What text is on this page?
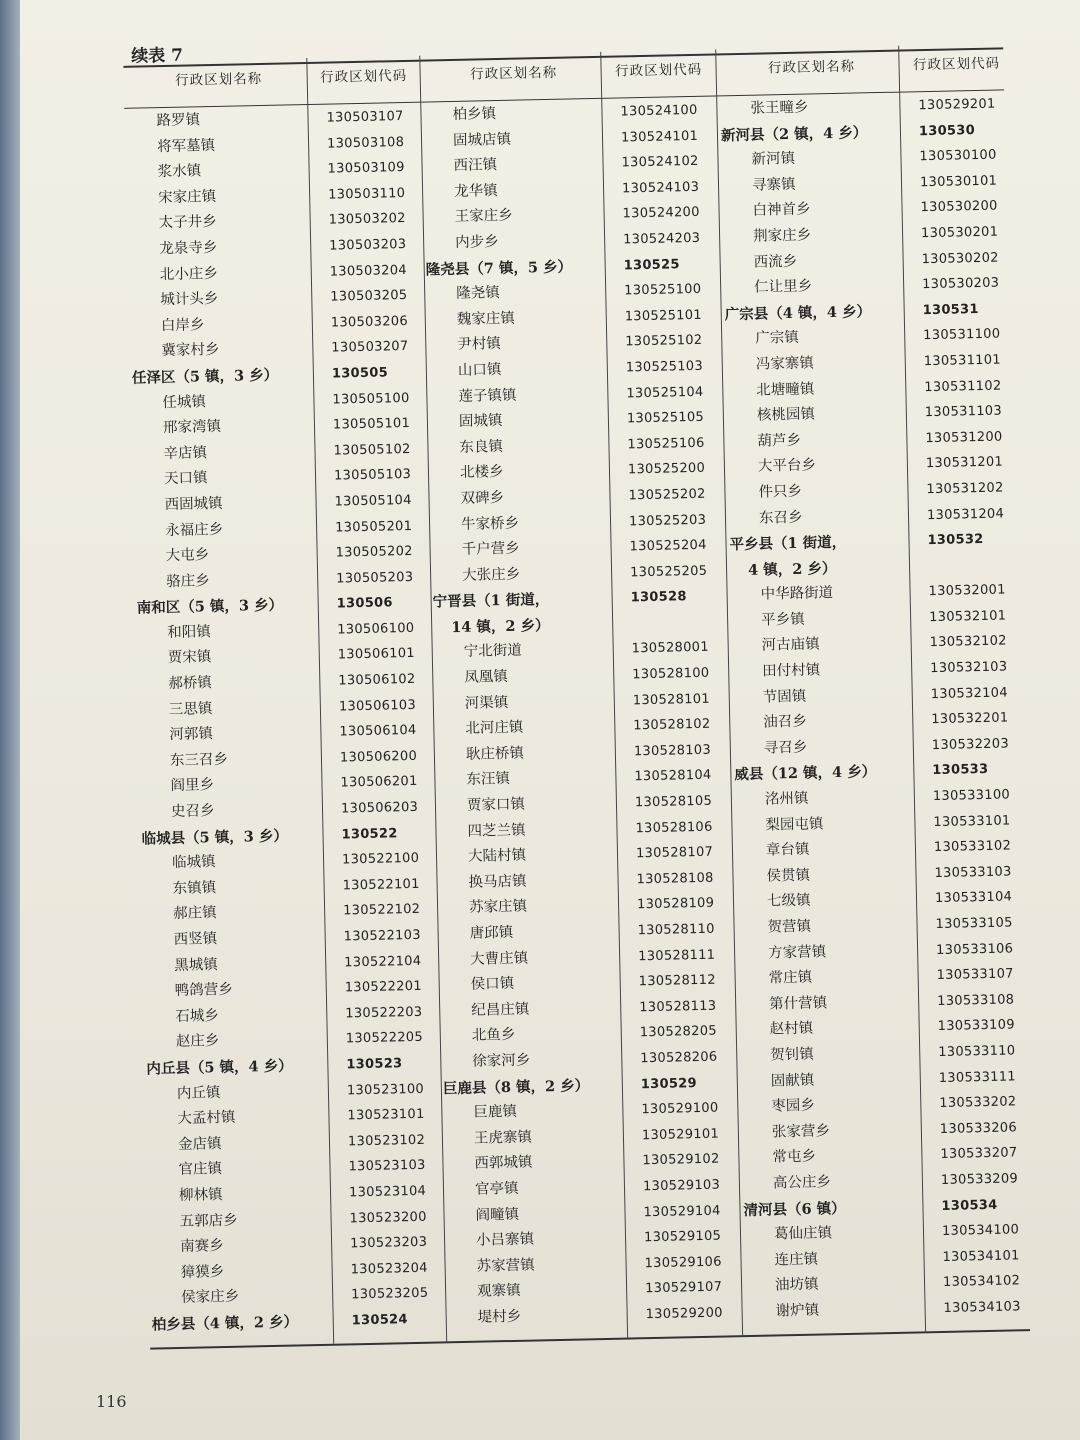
续表 7
行政区划名称	行政区划代码	行政区划名称	行政区划代码	行政区划名称	行政区划代码
路罗镇	130503107
将军墓镇	130503108
浆水镇	130503109
宋家庄镇	130503110
太子井乡	130503202
龙泉寺乡	130503203
北小庄乡	130503204
城计头乡	130503205
白岸乡	130503206
冀家村乡	130503207
任泽区（5 镇，3 乡）	130505
任城镇	130505100
邢家湾镇	130505101
辛店镇	130505102
天口镇	130505103
西固城镇	130505104
永福庄乡	130505201
大屯乡	130505202
骆庄乡	130505203
南和区（5 镇，3 乡）	130506
和阳镇	130506100
贾宋镇	130506101
郝桥镇	130506102
三思镇	130506103
河郭镇	130506104
东三召乡	130506200
阎里乡	130506201
史召乡	130506203
临城县（5 镇，3 乡）	130522
临城镇	130522100
东镇镇	130522101
郝庄镇	130522102
西竖镇	130522103
黑城镇	130522104
鸭鸽营乡	130522201
石城乡	130522203
赵庄乡	130522205
内丘县（5 镇，4 乡）	130523
内丘镇	130523100
大孟村镇	130523101
金店镇	130523102
官庄镇	130523103
柳林镇	130523104
五郭店乡	130523200
南赛乡	130523203
獐獏乡	130523204
侯家庄乡	130523205
柏乡县（4 镇，2 乡）	130524
柏乡镇	130524100
固城店镇	130524101
西汪镇	130524102
龙华镇	130524103
王家庄乡	130524200
内步乡	130524203
隆尧县（7 镇，5 乡）	130525
隆尧镇	130525100
魏家庄镇	130525101
尹村镇	130525102
山口镇	130525103
莲子镇镇	130525104
固城镇	130525105
东良镇	130525106
北楼乡	130525200
双碑乡	130525202
牛家桥乡	130525203
千户营乡	130525204
大张庄乡	130525205
宁晋县（1 街道，	130528
14 镇，2 乡）
宁北街道	130528001
凤凰镇	130528100
河渠镇	130528101
北河庄镇	130528102
耿庄桥镇	130528103
东汪镇	130528104
贾家口镇	130528105
四芝兰镇	130528106
大陆村镇	130528107
换马店镇	130528108
苏家庄镇	130528109
唐邱镇	130528110
大曹庄镇	130528111
侯口镇	130528112
纪昌庄镇	130528113
北鱼乡	130528205
徐家河乡	130528206
巨鹿县（8 镇，2 乡）	130529
巨鹿镇	130529100
王虎寨镇	130529101
西郭城镇	130529102
官亭镇	130529103
阎疃镇	130529104
小吕寨镇	130529105
苏家营镇	130529106
观寨镇	130529107
堤村乡	130529200
张王疃乡	130529201
新河县（2 镇，4 乡）	130530
新河镇	130530100
寻寨镇	130530101
白神首乡	130530200
荆家庄乡	130530201
西流乡	130530202
仁让里乡	130530203
广宗县（4 镇，4 乡）	130531
广宗镇	130531100
冯家寨镇	130531101
北塘疃镇	130531102
核桃园镇	130531103
葫芦乡	130531200
大平台乡	130531201
件只乡	130531202
东召乡	130531204
平乡县（1 街道，	130532
4 镇，2 乡）
中华路街道	130532001
平乡镇	130532101
河古庙镇	130532102
田付村镇	130532103
节固镇	130532104
油召乡	130532201
寻召乡	130532203
威县（12 镇，4 乡）	130533
洺州镇	130533100
梨园屯镇	130533101
章台镇	130533102
侯贯镇	130533103
七级镇	130533104
贺营镇	130533105
方家营镇	130533106
常庄镇	130533107
第什营镇	130533108
赵村镇	130533109
贺钊镇	130533110
固献镇	130533111
枣园乡	130533202
张家营乡	130533206
常屯乡	130533207
高公庄乡	130533209
清河县（6 镇）	130534
葛仙庄镇	130534100
连庄镇	130534101
油坊镇	130534102
谢炉镇	130534103
116
